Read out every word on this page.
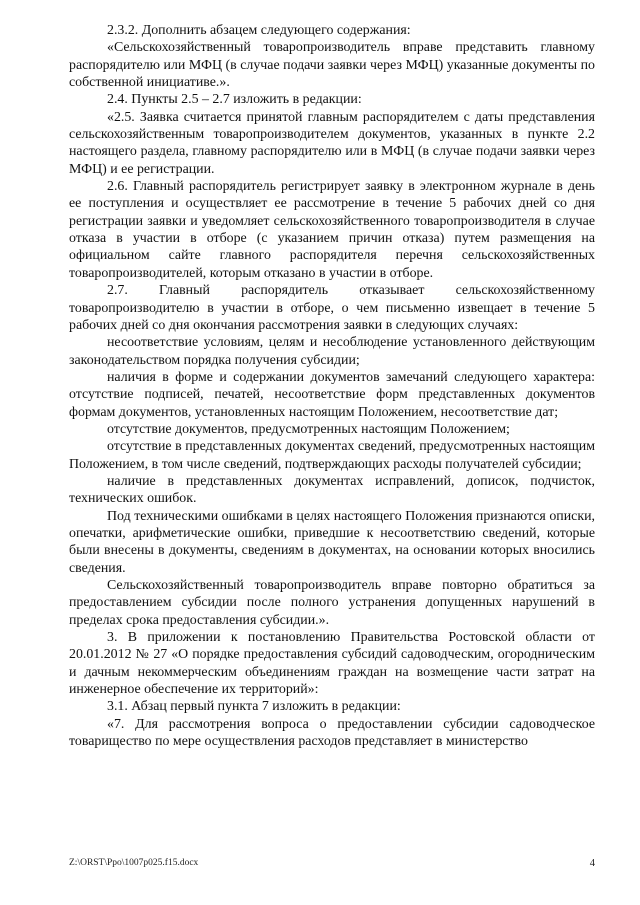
2.3.2. Дополнить абзацем следующего содержания:

«Сельскохозяйственный товаропроизводитель вправе представить главному распорядителю или МФЦ (в случае подачи заявки через МФЦ) указанные документы по собственной инициативе.».

2.4. Пункты 2.5 – 2.7 изложить в редакции:

«2.5. Заявка считается принятой главным распорядителем с даты представления сельскохозяйственным товаропроизводителем документов, указанных в пункте 2.2 настоящего раздела, главному распорядителю или в МФЦ (в случае подачи заявки через МФЦ) и ее регистрации.

2.6. Главный распорядитель регистрирует заявку в электронном журнале в день ее поступления и осуществляет ее рассмотрение в течение 5 рабочих дней со дня регистрации заявки и уведомляет сельскохозяйственного товаропроизводителя в случае отказа в участии в отборе (с указанием причин отказа) путем размещения на официальном сайте главного распорядителя перечня сельскохозяйственных товаропроизводителей, которым отказано в участии в отборе.

2.7. Главный распорядитель отказывает сельскохозяйственному товаропроизводителю в участии в отборе, о чем письменно извещает в течение 5 рабочих дней со дня окончания рассмотрения заявки в следующих случаях:

несоответствие условиям, целям и несоблюдение установленного действующим законодательством порядка получения субсидии;

наличия в форме и содержании документов замечаний следующего характера: отсутствие подписей, печатей, несоответствие форм представленных документов формам документов, установленных настоящим Положением, несоответствие дат;

отсутствие документов, предусмотренных настоящим Положением;

отсутствие в представленных документах сведений, предусмотренных настоящим Положением, в том числе сведений, подтверждающих расходы получателей субсидии;

наличие в представленных документах исправлений, дописок, подчисток, технических ошибок.

Под техническими ошибками в целях настоящего Положения признаются описки, опечатки, арифметические ошибки, приведшие к несоответствию сведений, которые были внесены в документы, сведениям в документах, на основании которых вносились сведения.

Сельскохозяйственный товаропроизводитель вправе повторно обратиться за предоставлением субсидии после полного устранения допущенных нарушений в пределах срока предоставления субсидии.».

3. В приложении к постановлению Правительства Ростовской области от 20.01.2012 № 27 «О порядке предоставления субсидий садоводческим, огородническим и дачным некоммерческим объединениям граждан на возмещение части затрат на инженерное обеспечение их территорий»:

3.1. Абзац первый пункта 7 изложить в редакции:

«7. Для рассмотрения вопроса о предоставлении субсидии садоводческое товарищество по мере осуществления расходов представляет в министерство

Z:\ORST\Ppo\1007p025.f15.docx	4
